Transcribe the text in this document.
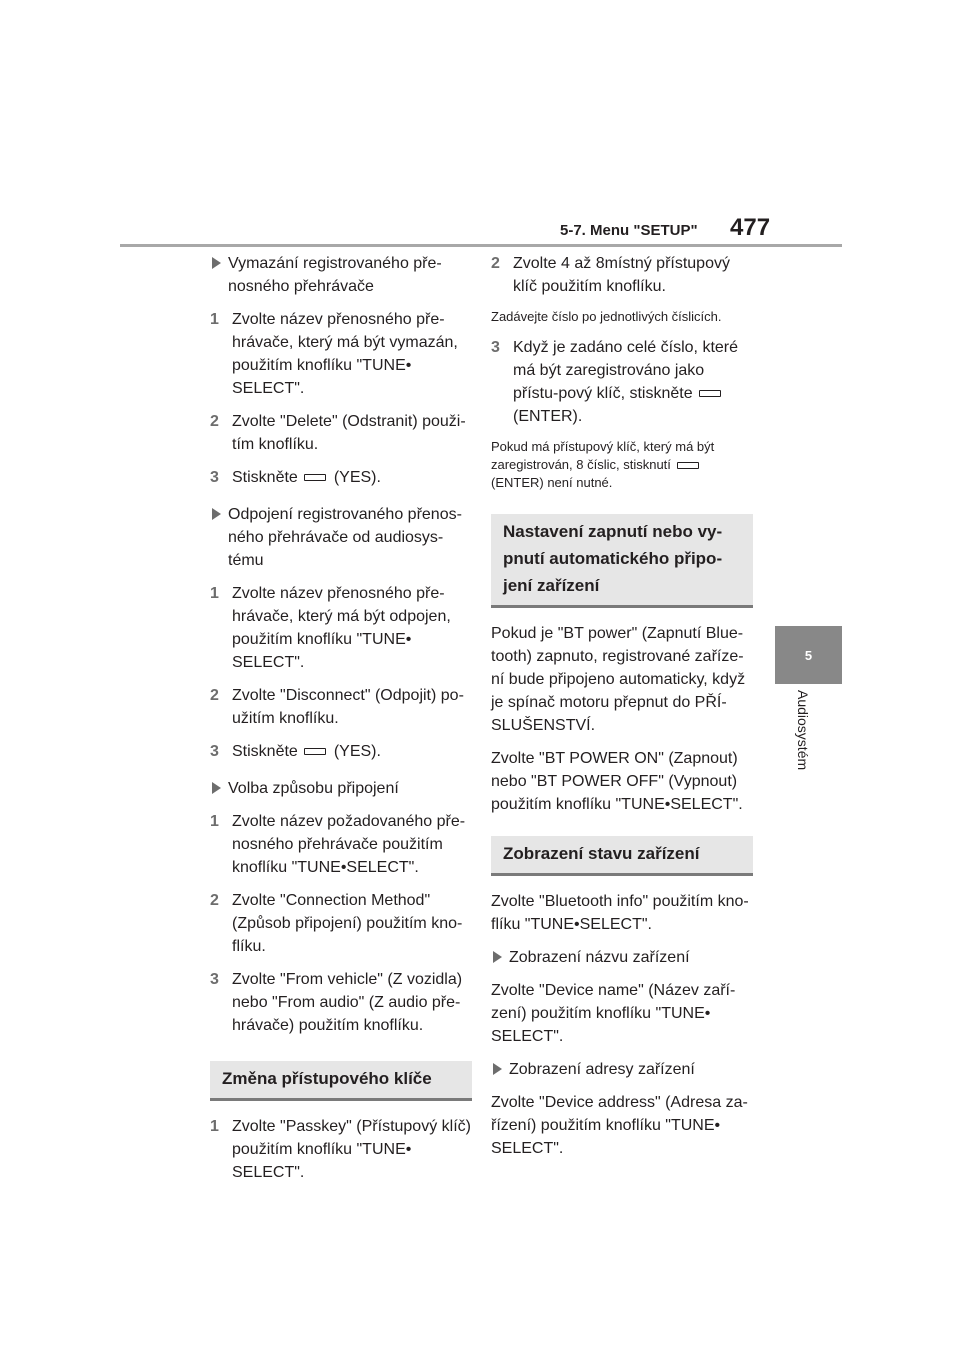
5-7. Menu "SETUP" 477
5
Audiosystém
Vymazání registrovaného pře-nosného přehrávače
1 Zvolte název přenosného pře-hrávače, který má být vymazán, použitím knoflíku "TUNE• SELECT".
2 Zvolte "Delete" (Odstranit) použi-tím knoflíku.
3 Stiskněte (YES).
Odpojení registrovaného přenos-ného přehrávače od audiosys-tému
1 Zvolte název přenosného pře-hrávače, který má být odpojen, použitím knoflíku "TUNE• SELECT".
2 Zvolte "Disconnect" (Odpojit) po-užitím knoflíku.
3 Stiskněte (YES).
Volba způsobu připojení
1 Zvolte název požadovaného pře-nosného přehrávače použitím knoflíku "TUNE•SELECT".
2 Zvolte "Connection Method" (Způsob připojení) použitím kno-flíku.
3 Zvolte "From vehicle" (Z vozidla) nebo "From audio" (Z audio pře-hrávače) použitím knoflíku.
Změna přístupového klíče
1 Zvolte "Passkey" (Přístupový klíč) použitím knoflíku "TUNE• SELECT".
2 Zvolte 4 až 8místný přístupový klíč použitím knoflíku.
Zadávejte číslo po jednotlivých číslicích.
3 Když je zadáno celé číslo, které má být zaregistrováno jako přístu-pový klíč, stiskněte(ENTER).
Pokud má přístupový klíč, který má být zaregistrován, 8 číslic, stisknutí(ENTER) není nutné.
Nastavení zapnutí nebo vy-pnutí automatického připo-jení zařízení
Pokud je "BT power" (Zapnutí Blue-tooth) zapnuto, registrované zaříze-ní bude připojeno automaticky, když je spínač motoru přepnut do PŘÍ-SLUŠENSTVÍ.
Zvolte "BT POWER ON" (Zapnout) nebo "BT POWER OFF" (Vypnout) použitím knoflíku "TUNE•SELECT".
Zobrazení stavu zařízení
Zvolte "Bluetooth info" použitím kno-flíku "TUNE•SELECT".
Zobrazení názvu zařízení
Zvolte "Device name" (Název zaří-zení) použitím knoflíku "TUNE• SELECT".
Zobrazení adresy zařízení
Zvolte "Device address" (Adresa za-řízení) použitím knoflíku "TUNE• SELECT".
